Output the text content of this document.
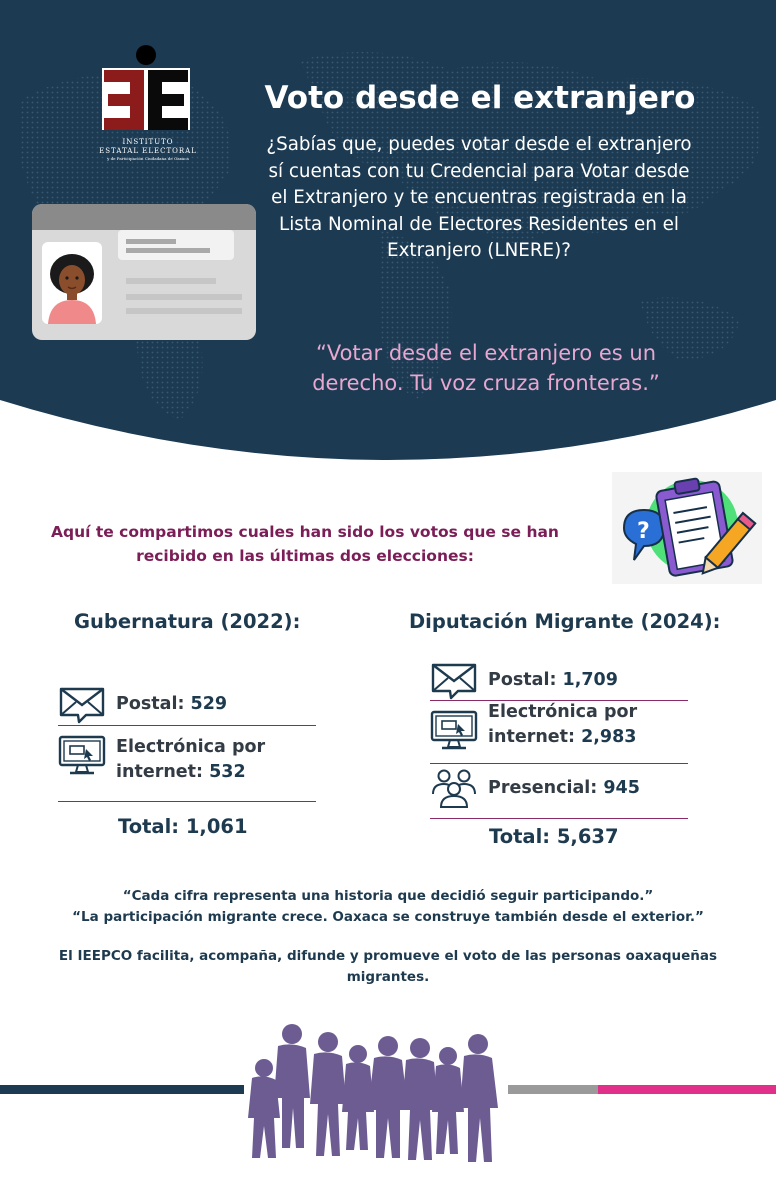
INSTITUTO
ESTATAL ELECTORAL
y de Participación Ciudadana de Oaxaca
Voto desde el extranjero
¿Sabías que, puedes votar desde el extranjero sí cuentas con tu Credencial para Votar desde el Extranjero y te encuentras registrada en la Lista Nominal de Electores Residentes en el Extranjero (LNERE)?
“Votar desde el extranjero es un derecho. Tu voz cruza fronteras.”
Aquí te compartimos cuales han sido los votos que se han recibido en las últimas dos elecciones:
?
Gubernatura (2022):
Postal: 529
Electrónica por internet: 532
Total: 1,061
Diputación Migrante (2024):
Postal: 1,709
Electrónica por internet: 2,983
Presencial: 945
Total: 5,637

“Cada cifra representa una historia que decidió seguir participando.”

“La participación migrante crece. Oaxaca se construye también desde el exterior.”

El IEEPCO facilita, acompaña, difunde y promueve el voto de las personas oaxaqueñas migrantes.
